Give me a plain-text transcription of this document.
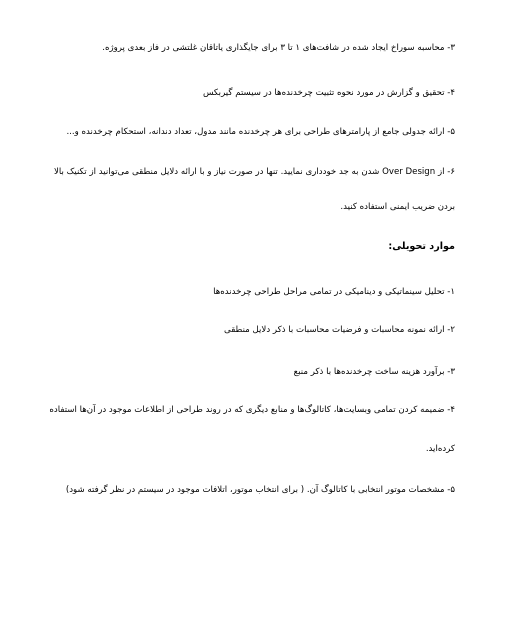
۳- محاسبه سوراخ ایجاد شده در شافت‌های ۱ تا ۳ برای جایگذاری یاتاقان غلتشی در فاز بعدی پروژه.
۴- تحقیق و گزارش در مورد نحوه تثبیت چرخدنده‌ها در سیستم گیربکس
۵- ارائه جدولی جامع از پارامترهای طراحی برای هر چرخدنده مانند مدول، تعداد دندانه، استحکام چرخدنده و...
۶- از Over Design شدن به جد خودداری نمایید. تنها در صورت نیاز و با ارائه دلایل منطقی می‌توانید از تکنیک بالا
بردن ضریب ایمنی استفاده کنید.
موارد تحویلی:
۱- تحلیل سینماتیکی و دینامیکی در تمامی مراحل طراحی چرخدنده‌ها
۲- ارائه نمونه محاسبات و فرضیات محاسبات با ذکر دلایل منطقی
۳- برآورد هزینه ساخت چرخدنده‌ها با ذکر منبع
۴- ضمیمه کردن تمامی وبسایت‌ها، کاتالوگ‌ها و منابع دیگری که در روند طراحی از اطلاعات موجود در آن‌ها استفاده
کرده‌اید.
۵- مشخصات موتور انتخابی با کاتالوگ آن. ( برای انتخاب موتور، اتلافات موجود در سیستم در نظر گرفته شود)
